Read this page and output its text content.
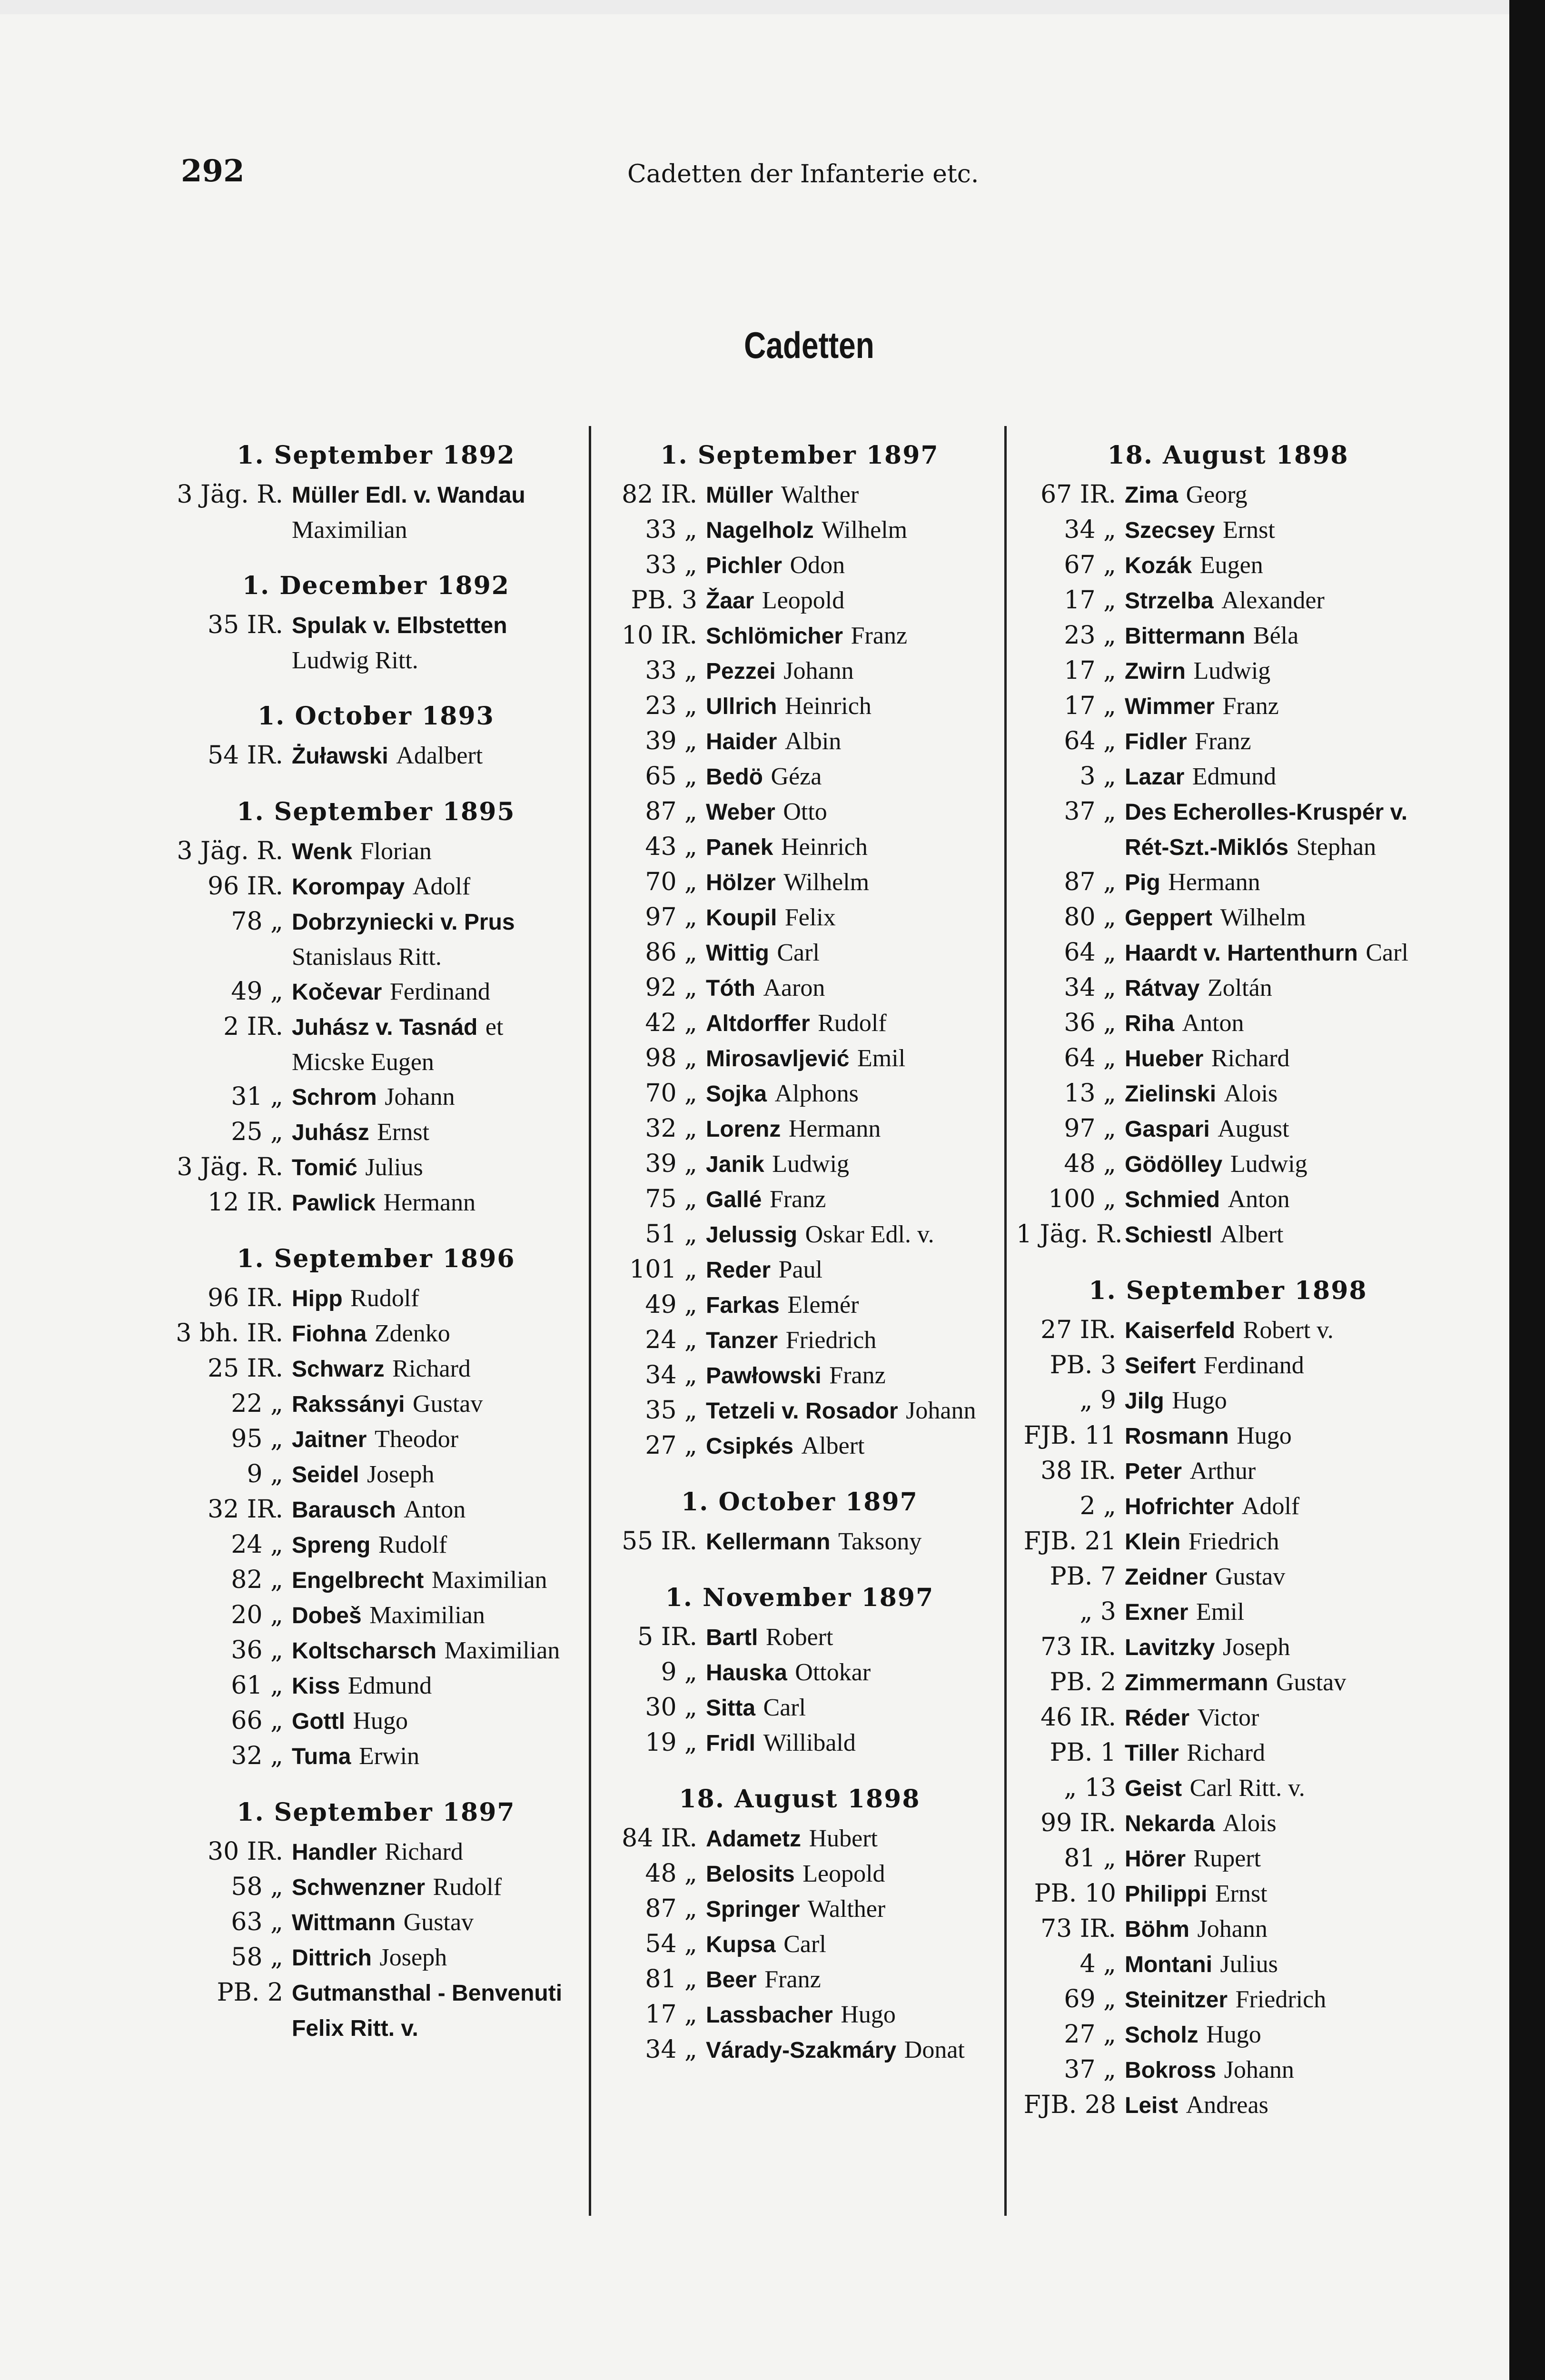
292	Cadetten der Infanterie etc.
Cadetten
1. September 1892
3 Jäg. R. Müller Edl. v. Wandau Maximilian
1. December 1892
35 IR. Spulak v. Elbstetten Ludwig Ritt.
1. October 1893
54 IR. Żuławski Adalbert
1. September 1895
3 Jäg. R. Wenk Florian
96 IR. Korompay Adolf
78 „ Dobrzyniecki v. Prus Stanislaus Ritt.
49 „ Kočevar Ferdinand
2 IR. Juhász v. Tasnád et Micske Eugen
31 „ Schrom Johann
25 „ Juhász Ernst
3 Jäg. R. Tomić Julius
12 IR. Pawlick Hermann
1. September 1896
96 IR. Hipp Rudolf
3 bh. IR. Fiohna Zdenko
25 IR. Schwarz Richard
22 „ Rakssányi Gustav
95 „ Jaitner Theodor
9 „ Seidel Joseph
32 IR. Barausch Anton
24 „ Spreng Rudolf
82 „ Engelbrecht Maximilian
20 „ Dobeš Maximilian
36 „ Koltscharsch Maximilian
61 „ Kiss Edmund
66 „ Gottl Hugo
32 „ Tuma Erwin
1. September 1897
30 IR. Handler Richard
58 „ Schwenzner Rudolf
63 „ Wittmann Gustav
58 „ Dittrich Joseph
PB. 2 Gutmansthal - Benvenuti Felix Ritt. v.
1. September 1897
82 IR. Müller Walther
33 „ Nagelholz Wilhelm
33 „ Pichler Odon
PB. 3 Žaar Leopold
10 IR. Schlömicher Franz
33 „ Pezzei Johann
23 „ Ullrich Heinrich
39 „ Haider Albin
65 „ Bedö Géza
87 „ Weber Otto
43 „ Panek Heinrich
70 „ Hölzer Wilhelm
97 „ Koupil Felix
86 „ Wittig Carl
92 „ Tóth Aaron
42 „ Altdorffer Rudolf
98 „ Mirosavljević Emil
70 „ Sojka Alphons
32 „ Lorenz Hermann
39 „ Janik Ludwig
75 „ Gallé Franz
51 „ Jelussig Oskar Edl. v.
101 „ Reder Paul
49 „ Farkas Elemér
24 „ Tanzer Friedrich
34 „ Pawłowski Franz
35 „ Tetzeli v. Rosador Johann
27 „ Csipkés Albert
1. October 1897
55 IR. Kellermann Taksony
1. November 1897
5 IR. Bartl Robert
9 „ Hauska Ottokar
30 „ Sitta Carl
19 „ Fridl Willibald
18. August 1898
84 IR. Adametz Hubert
48 „ Belosits Leopold
87 „ Springer Walther
54 „ Kupsa Carl
81 „ Beer Franz
17 „ Lassbacher Hugo
34 „ Várady-Szakmáry Donat
18. August 1898
67 IR. Zima Georg
34 „ Szecsey Ernst
67 „ Kozák Eugen
17 „ Strzelba Alexander
23 „ Bittermann Béla
17 „ Zwirn Ludwig
17 „ Wimmer Franz
64 „ Fidler Franz
3 „ Lazar Edmund
37 „ Des Echerolles-Kruspér v. Rét-Szt.-Miklós Stephan
87 „ Pig Hermann
80 „ Geppert Wilhelm
64 „ Haardt v. Hartenthurn Carl
34 „ Rátvay Zoltán
36 „ Riha Anton
64 „ Hueber Richard
13 „ Zielinski Alois
97 „ Gaspari August
48 „ Gödölley Ludwig
100 „ Schmied Anton
1 Jäg. R. Schiestl Albert
1. September 1898
27 IR. Kaiserfeld Robert v.
PB. 3 Seifert Ferdinand
„ 9 Jilg Hugo
FJB. 11 Rosmann Hugo
38 IR. Peter Arthur
2 „ Hofrichter Adolf
FJB. 21 Klein Friedrich
PB. 7 Zeidner Gustav
„ 3 Exner Emil
73 IR. Lavitzky Joseph
PB. 2 Zimmermann Gustav
46 IR. Réder Victor
PB. 1 Tiller Richard
„ 13 Geist Carl Ritt. v.
99 IR. Nekarda Alois
81 „ Hörer Rupert
PB. 10 Philippi Ernst
73 IR. Böhm Johann
4 „ Montani Julius
69 „ Steinitzer Friedrich
27 „ Scholz Hugo
37 „ Bokross Johann
FJB. 28 Leist Andreas
